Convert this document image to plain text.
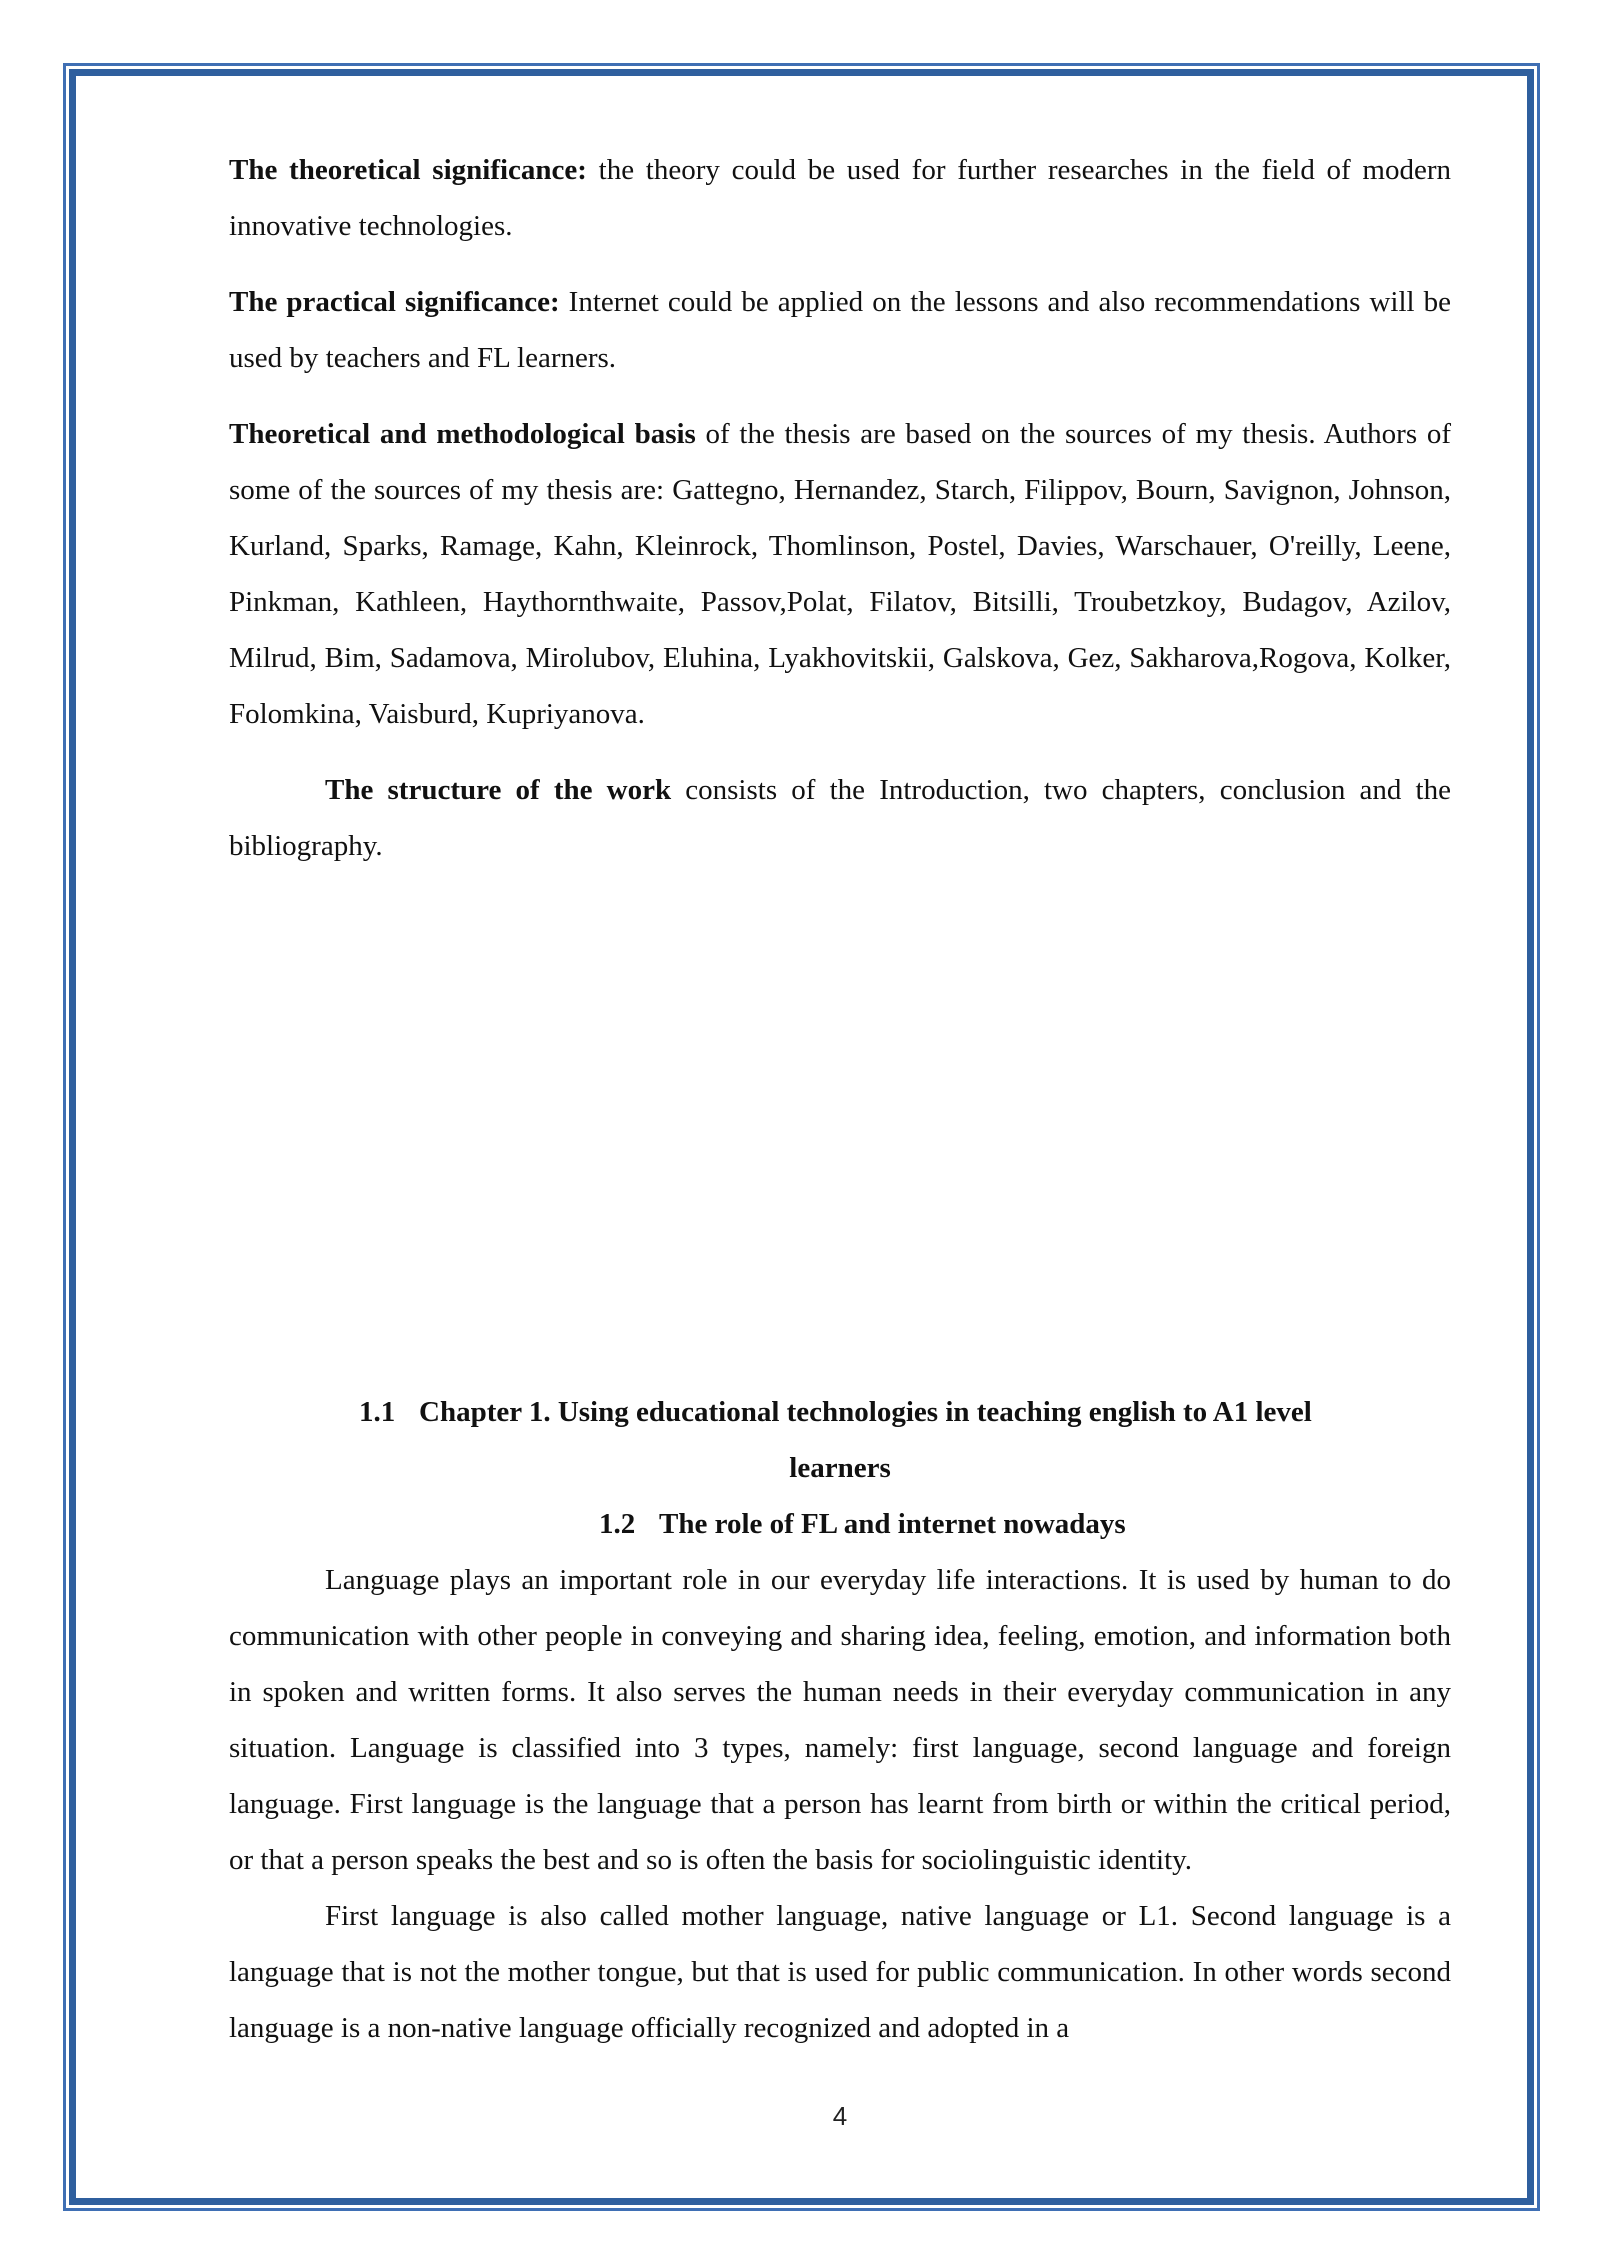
The theoretical significance: the theory could be used for further researches in the field of modern innovative technologies.

The practical significance: Internet could be applied on the lessons and also recommendations will be used by teachers and FL learners.

Theoretical and methodological basis of the thesis are based on the sources of my thesis. Authors of some of the sources of my thesis are: Gattegno, Hernandez, Starch, Filippov, Bourn, Savignon, Johnson, Kurland, Sparks, Ramage, Kahn, Kleinrock, Thomlinson, Postel, Davies, Warschauer, O'reilly, Leene, Pinkman, Kathleen, Haythornthwaite, Passov,Polat, Filatov, Bitsilli, Troubetzkoy, Budagov, Azilov, Milrud, Bim, Sadamova, Mirolubov, Eluhina, Lyakhovitskii, Galskova, Gez, Sakharova,Rogova, Kolker, Folomkina, Vaisburd, Kupriyanova.

The structure of the work consists of the Introduction, two chapters, conclusion and the bibliography.

1.1 Chapter 1. Using educational technologies in teaching english to A1 level
learners
1.2 The role of FL and internet nowadays

Language plays an important role in our everyday life interactions. It is used by human to do communication with other people in conveying and sharing idea, feeling, emotion, and information both in spoken and written forms. It also serves the human needs in their everyday communication in any situation. Language is classified into 3 types, namely: first language, second language and foreign language. First language is the language that a person has learnt from birth or within the critical period, or that a person speaks the best and so is often the basis for sociolinguistic identity.

First language is also called mother language, native language or L1. Second language is a language that is not the mother tongue, but that is used for public communication. In other words second language is a non-native language officially recognized and adopted in a

4
